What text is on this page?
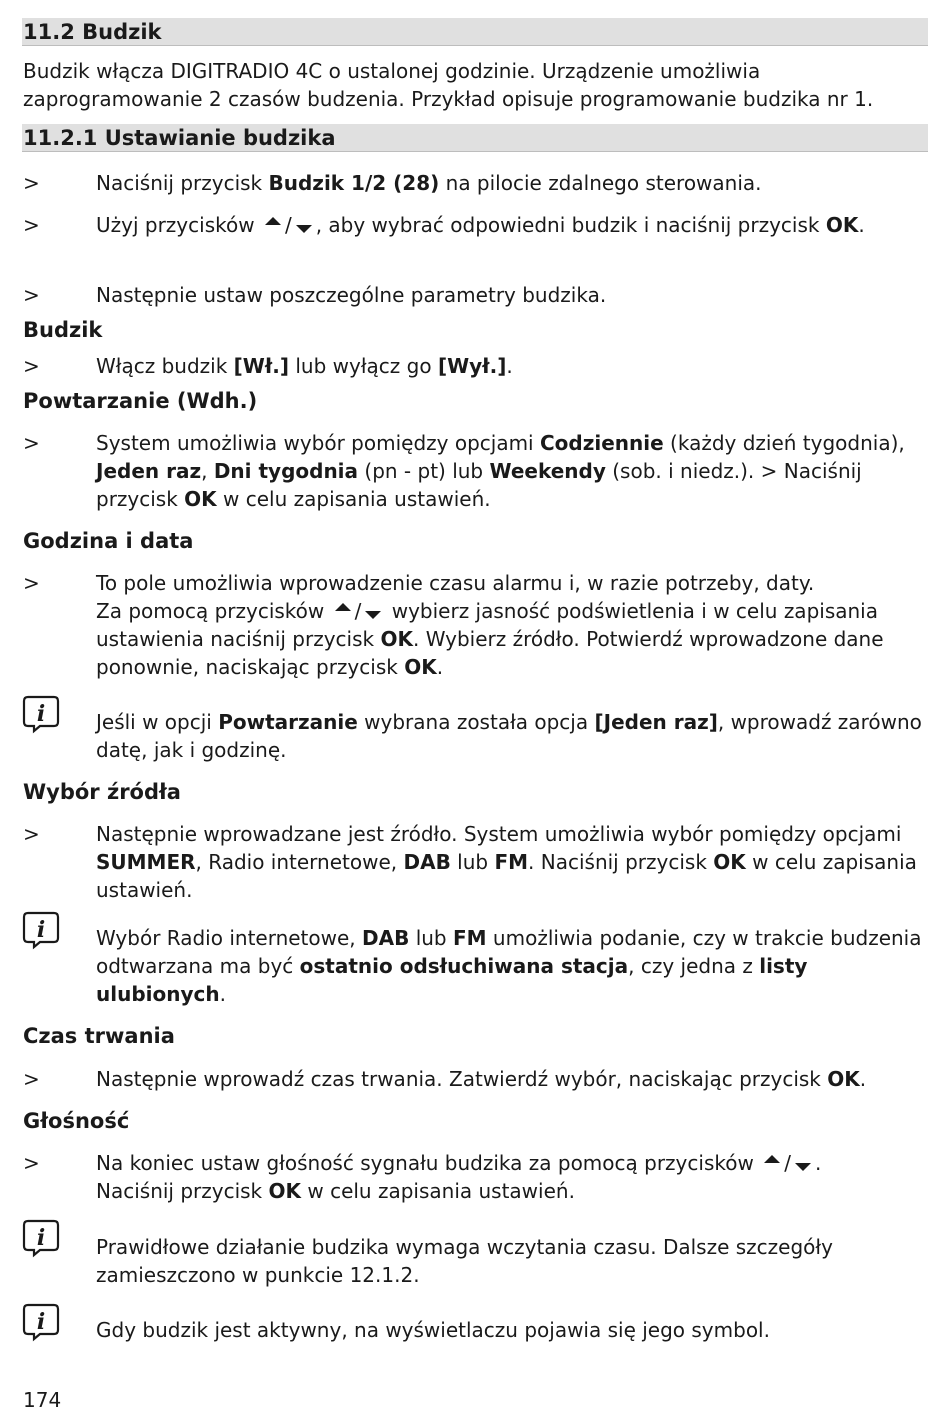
11.2 Budzik
Budzik włącza DIGITRADIO 4C o ustalonej godzinie. Urządzenie umożliwia zaprogramowanie 2 czasów budzenia. Przykład opisuje programowanie budzika nr 1.
11.2.1 Ustawianie budzika
>	Naciśnij przycisk Budzik 1/2 (28) na pilocie zdalnego sterowania.
>	Użyj przycisków / , aby wybrać odpowiedni budzik i naciśnij przycisk OK.
>	Następnie ustaw poszczególne parametry budzika.
Budzik
>	Włącz budzik [Wł.] lub wyłącz go [Wył.].
Powtarzanie (Wdh.)
>	System umożliwia wybór pomiędzy opcjami Codziennie (każdy dzień tygodnia), Jeden raz, Dni tygodnia (pn - pt) lub Weekendy (sob. i niedz.). > Naciśnij przycisk OK w celu zapisania ustawień.
Godzina i data
>	To pole umożliwia wprowadzenie czasu alarmu i, w razie potrzeby, daty.
Za pomocą przycisków / wybierz jasność podświetlenia i w celu zapisania ustawienia naciśnij przycisk OK. Wybierz źródło. Potwierdź wprowadzone dane ponownie, naciskając przycisk OK.
i	Jeśli w opcji Powtarzanie wybrana została opcja [Jeden raz], wprowadź zarówno datę, jak i godzinę.
Wybór źródła
>	Następnie wprowadzane jest źródło. System umożliwia wybór pomiędzy opcjami SUMMER, Radio internetowe, DAB lub FM. Naciśnij przycisk OK w celu zapisania ustawień.
i	Wybór Radio internetowe, DAB lub FM umożliwia podanie, czy w trakcie budzenia odtwarzana ma być ostatnio odsłuchiwana stacja, czy jedna z listy ulubionych.
Czas trwania
>	Następnie wprowadź czas trwania. Zatwierdź wybór, naciskając przycisk OK.
Głośność
>	Na koniec ustaw głośność sygnału budzika za pomocą przycisków / .
Naciśnij przycisk OK w celu zapisania ustawień.
i	Prawidłowe działanie budzika wymaga wczytania czasu. Dalsze szczegóły zamieszczono w punkcie 12.1.2.
i	Gdy budzik jest aktywny, na wyświetlaczu pojawia się jego symbol.
174
